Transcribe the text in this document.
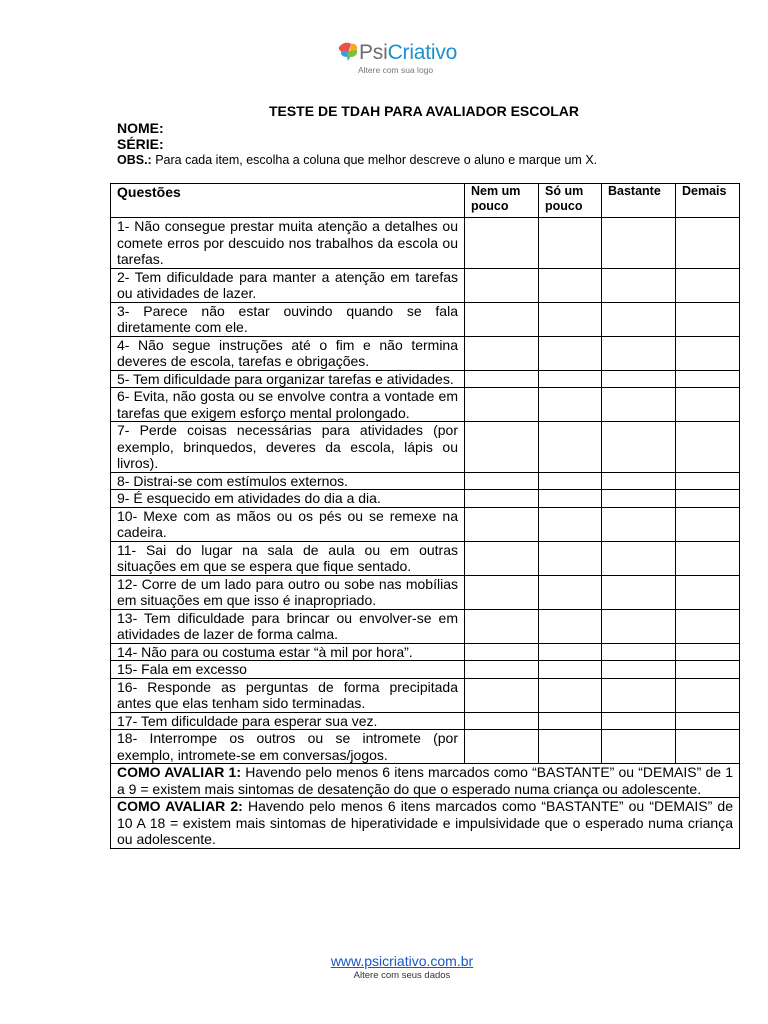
PsiCriativo
Altere com sua logo
TESTE DE TDAH PARA AVALIADOR ESCOLAR
NOME:
SÉRIE:
OBS.: Para cada item, escolha a coluna que melhor descreve o aluno e marque um X.
Questões	Nem um pouco	Só um pouco	Bastante	Demais
1- Não consegue prestar muita atenção a detalhes ou comete erros por descuido nos trabalhos da escola ou tarefas.				
2- Tem dificuldade para manter a atenção em tarefas ou atividades de lazer.				
3- Parece não estar ouvindo quando se fala diretamente com ele.				
4- Não segue instruções até o fim e não termina deveres de escola, tarefas e obrigações.				
5- Tem dificuldade para organizar tarefas e atividades.				
6- Evita, não gosta ou se envolve contra a vontade em tarefas que exigem esforço mental prolongado.				
7- Perde coisas necessárias para atividades (por exemplo, brinquedos, deveres da escola, lápis ou livros).				
8- Distrai-se com estímulos externos.				
9- É esquecido em atividades do dia a dia.				
10- Mexe com as mãos ou os pés ou se remexe na cadeira.				
11- Sai do lugar na sala de aula ou em outras situações em que se espera que fique sentado.				
12- Corre de um lado para outro ou sobe nas mobílias em situações em que isso é inapropriado.				
13- Tem dificuldade para brincar ou envolver-se em atividades de lazer de forma calma.				
14- Não para ou costuma estar “à mil por hora”.				
15- Fala em excesso				
16- Responde as perguntas de forma precipitada antes que elas tenham sido terminadas.				
17- Tem dificuldade para esperar sua vez.				
18- Interrompe os outros ou se intromete (por exemplo, intromete-se em conversas/jogos.				
COMO AVALIAR 1: Havendo pelo menos 6 itens marcados como “BASTANTE” ou “DEMAIS” de 1 a 9 = existem mais sintomas de desatenção do que o esperado numa criança ou adolescente.				
COMO AVALIAR 2: Havendo pelo menos 6 itens marcados como “BASTANTE” ou “DEMAIS” de 10 A 18 = existem mais sintomas de hiperatividade e impulsividade que o esperado numa criança ou adolescente.				
www.psicriativo.com.br
Altere com seus dados
